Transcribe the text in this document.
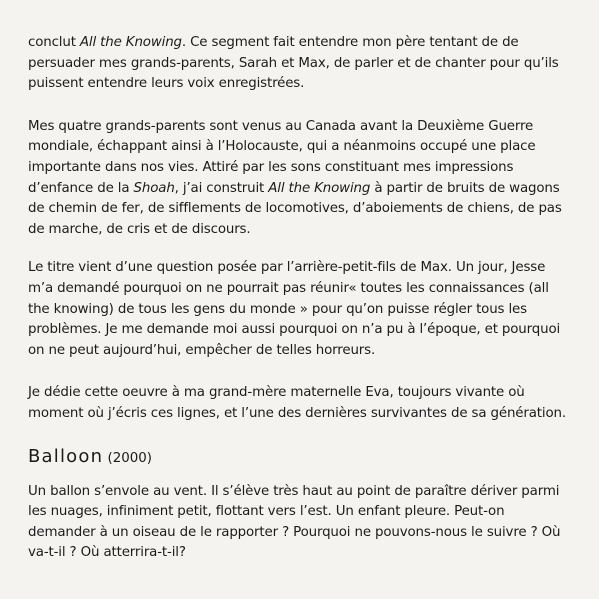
conclut All the Knowing. Ce segment fait entendre mon père tentant de de persuader mes grands-parents, Sarah et Max, de parler et de chanter pour qu’ils puissent entendre leurs voix enregistrées.

Mes quatre grands-parents sont venus au Canada avant la Deuxième Guerre mondiale, échappant ainsi à l’Holocauste, qui a néanmoins occupé une place importante dans nos vies. Attiré par les sons constituant mes impressions d’enfance de la Shoah, j’ai construit All the Knowing à partir de bruits de wagons de chemin de fer, de sifflements de locomotives, d’aboiements de chiens, de pas de marche, de cris et de discours.

Le titre vient d’une question posée par l’arrière-petit-fils de Max. Un jour, Jesse m’a demandé pourquoi on ne pourrait pas réunir« toutes les connaissances (all the knowing) de tous les gens du monde » pour qu’on puisse régler tous les problèmes. Je me demande moi aussi pourquoi on n’a pu à l’époque, et pourquoi on ne peut aujourd’hui, empêcher de telles horreurs.

Je dédie cette oeuvre à ma grand-mère maternelle Eva, toujours vivante où moment où j’écris ces lignes, et l’une des dernières survivantes de sa génération.

Balloon (2000)

Un ballon s’envole au vent. Il s’élève très haut au point de paraître dériver parmi les nuages, infiniment petit, flottant vers l’est. Un enfant pleure. Peut-on demander à un oiseau de le rapporter ? Pourquoi ne pouvons-nous le suivre ? Où va-t-il ? Où atterrira-t-il?
